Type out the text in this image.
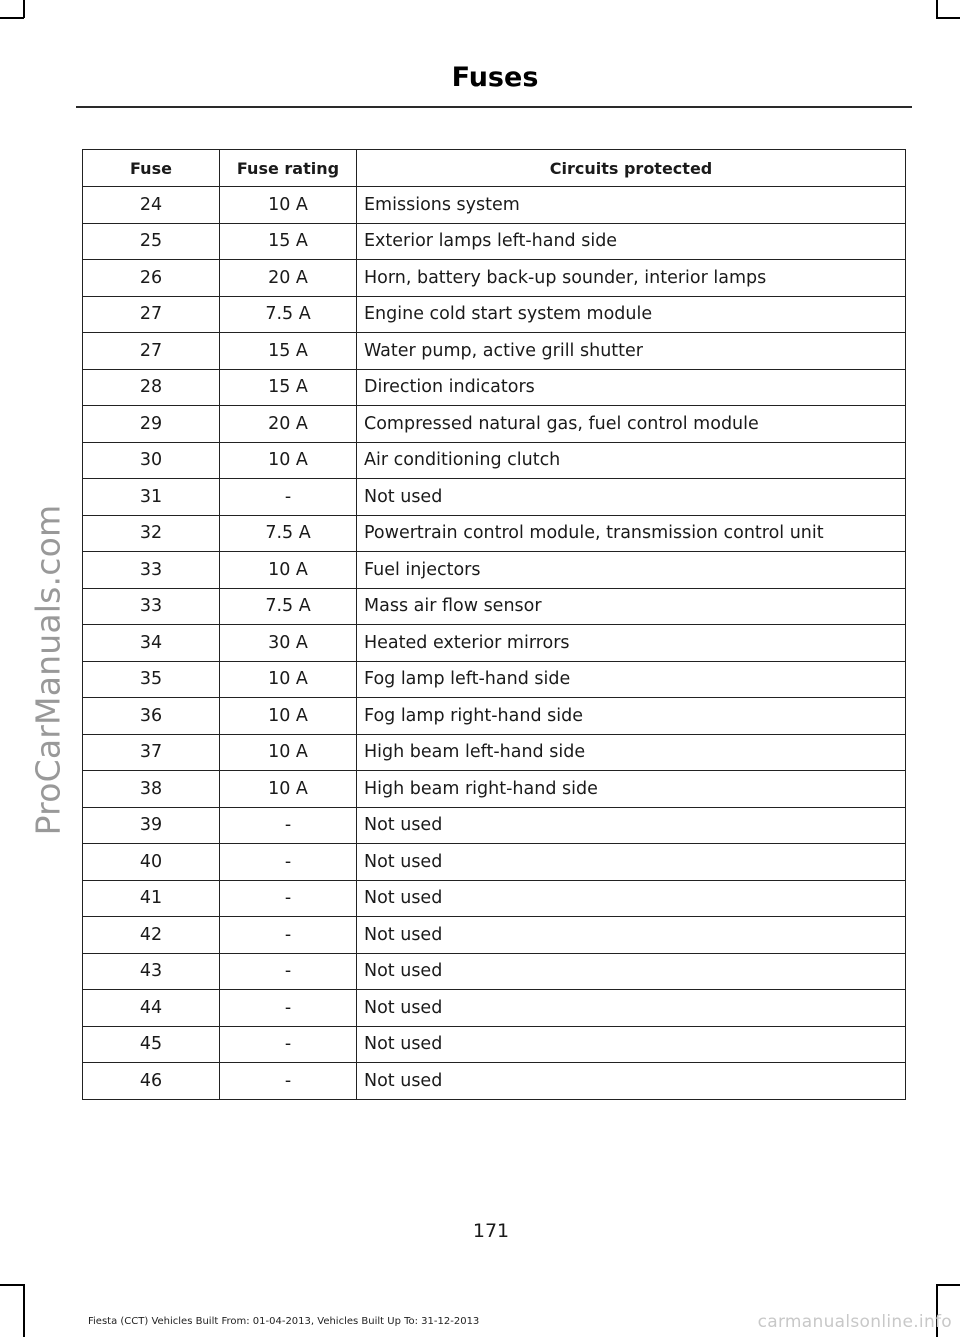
ProCarManuals.com
Fuses
Fuse	Fuse rating	Circuits protected
24	10 A	Emissions system
25	15 A	Exterior lamps left-hand side
26	20 A	Horn, battery back-up sounder, interior lamps
27	7.5 A	Engine cold start system module
27	15 A	Water pump, active grill shutter
28	15 A	Direction indicators
29	20 A	Compressed natural gas, fuel control module
30	10 A	Air conditioning clutch
31	-	Not used
32	7.5 A	Powertrain control module, transmission control unit
33	10 A	Fuel injectors
33	7.5 A	Mass air flow sensor
34	30 A	Heated exterior mirrors
35	10 A	Fog lamp left-hand side
36	10 A	Fog lamp right-hand side
37	10 A	High beam left-hand side
38	10 A	High beam right-hand side
39	-	Not used
40	-	Not used
41	-	Not used
42	-	Not used
43	-	Not used
44	-	Not used
45	-	Not used
46	-	Not used
171
Fiesta (CCT) Vehicles Built From: 01-04-2013, Vehicles Built Up To: 31-12-2013	carmanualsonline.info
